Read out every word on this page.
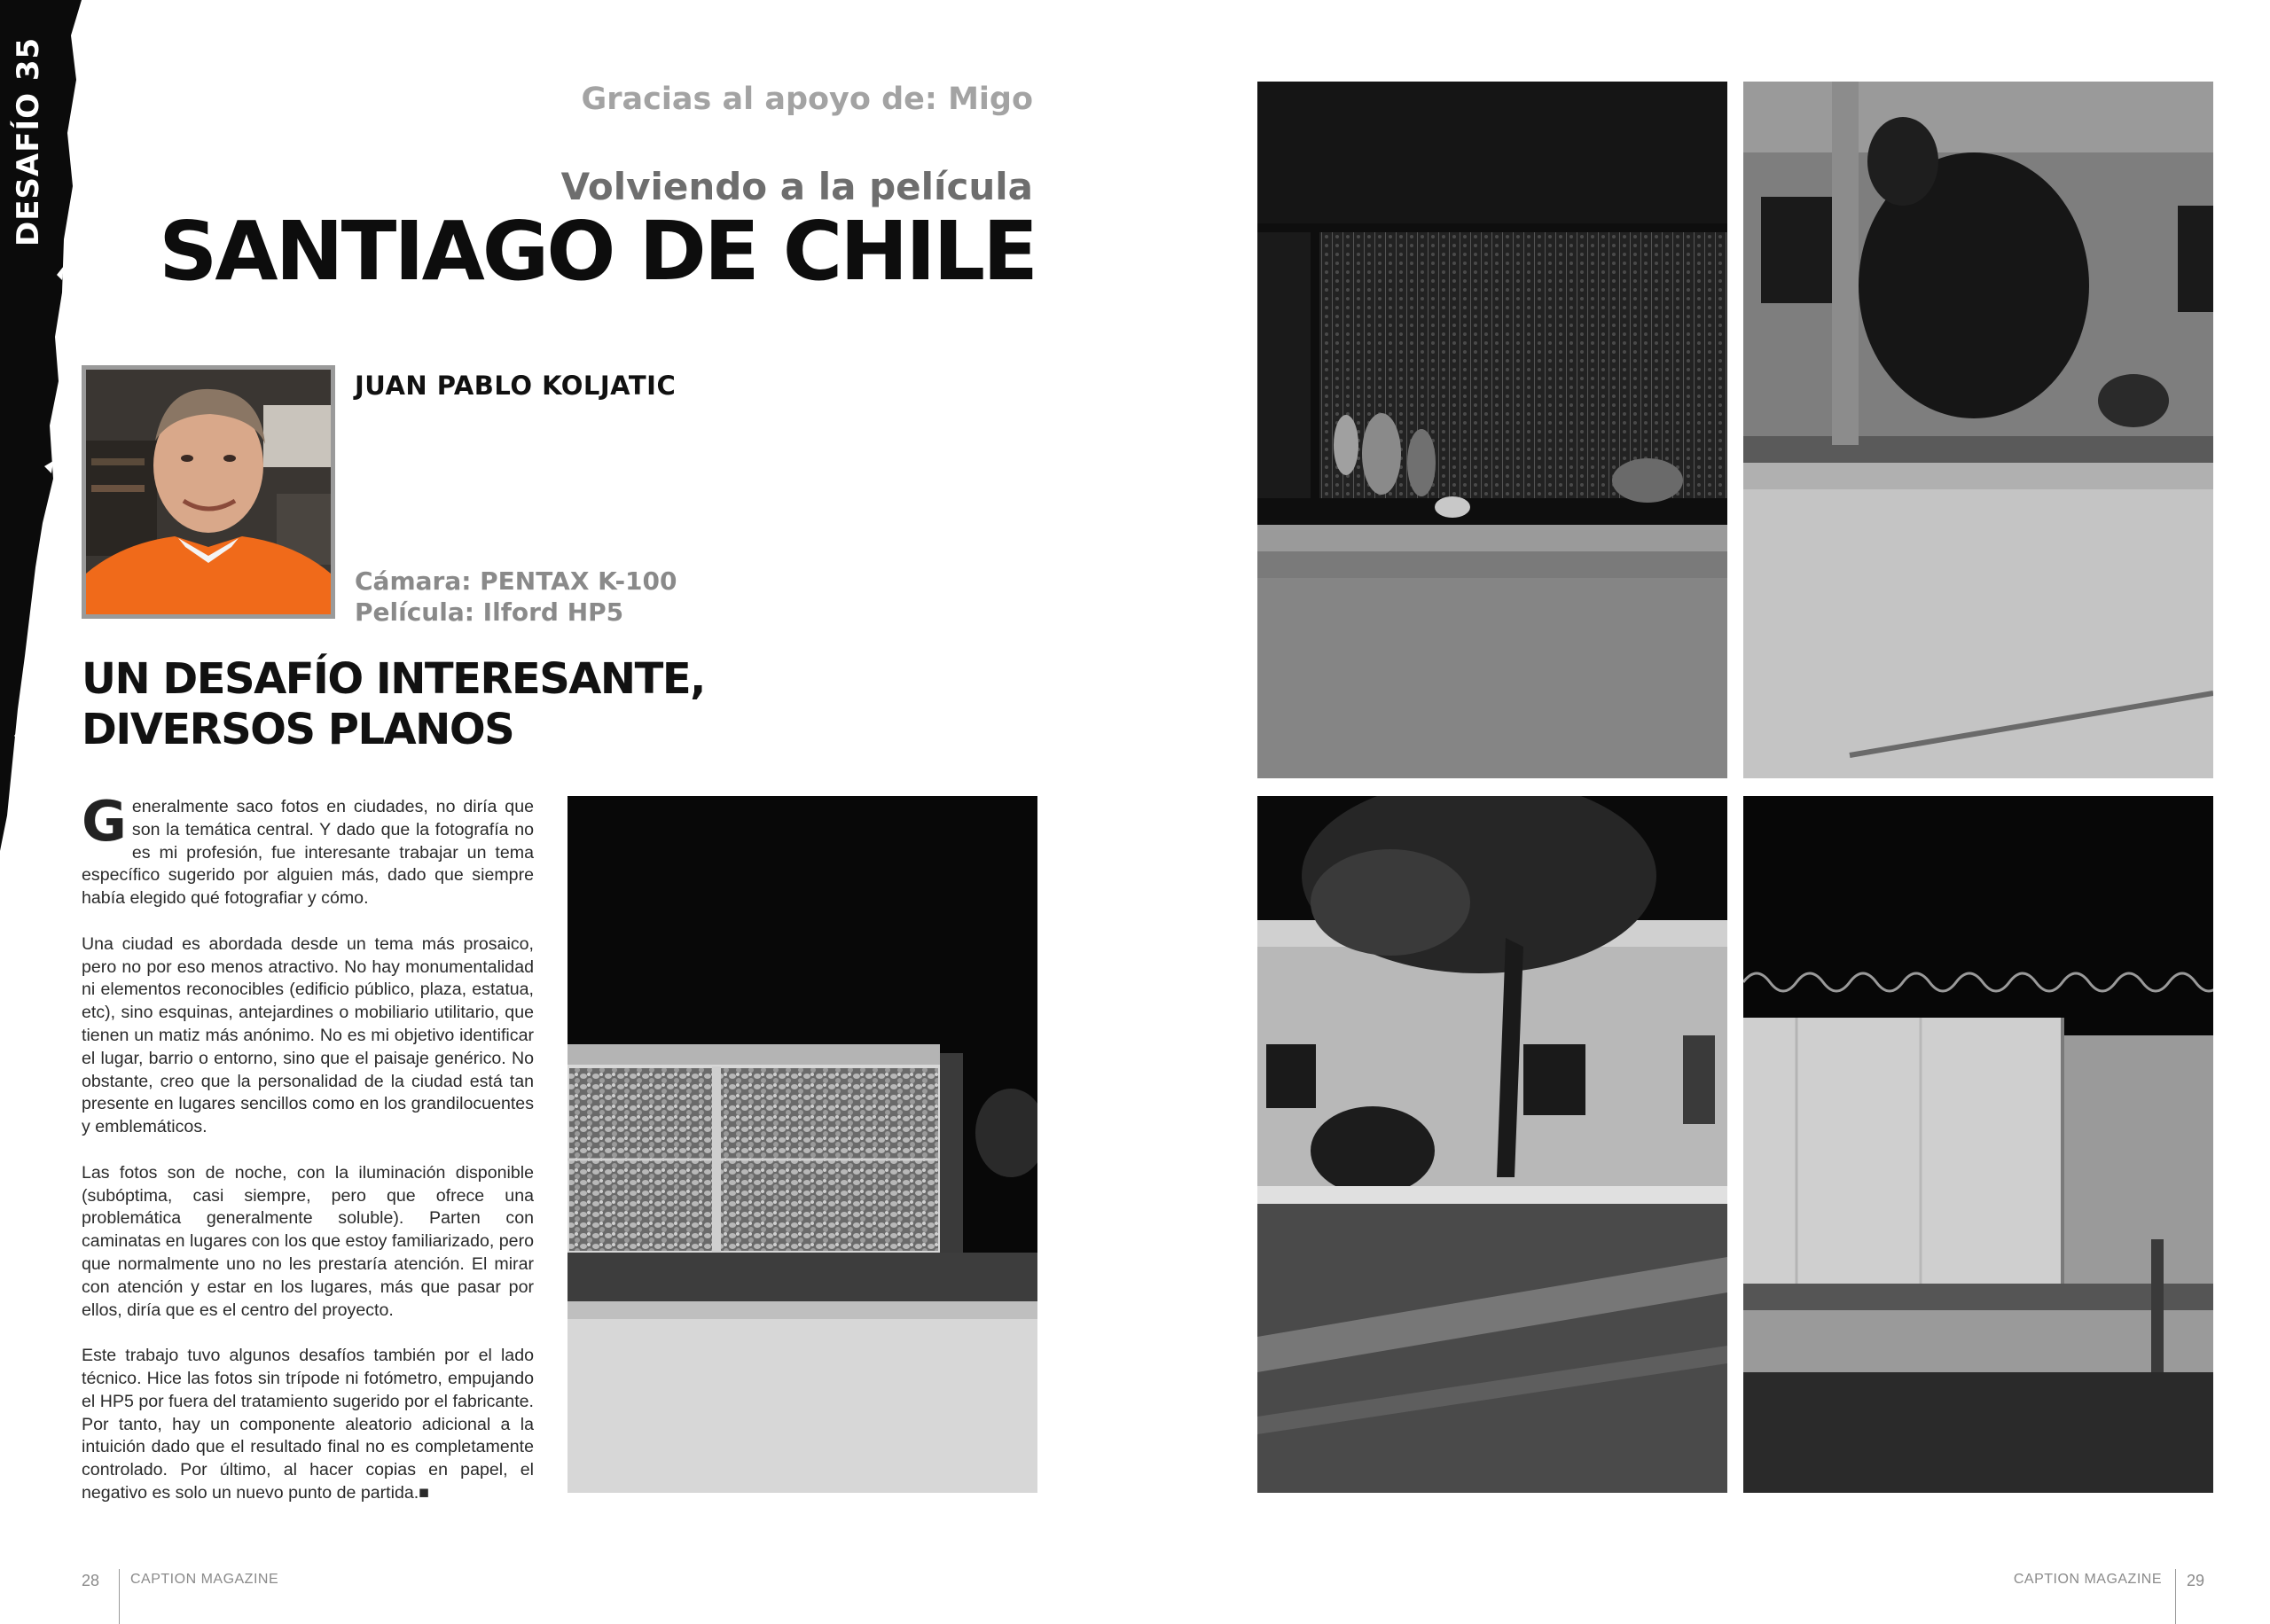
DESAFÍO 35	Gracias al apoyo de: Migo
Volviendo a la película
SANTIAGO DE CHILE
JUAN PABLO KOLJATIC
Cámara: PENTAX K-100
Película: Ilford HP5
UN DESAFÍO INTERESANTE,
DIVERSOS PLANOS

Generalmente saco fotos en ciudades, no diría que son la temática central. Y dado que la fotografía no es mi profesión, fue interesante trabajar un tema específico sugerido por alguien más, dado que siempre había elegido qué fotografiar y cómo.

Una ciudad es abordada desde un tema más prosaico, pero no por eso menos atractivo. No hay monumentalidad ni elementos reconocibles (edificio público, plaza, estatua, etc), sino esquinas, antejardines o mobiliario utilitario, que tienen un matiz más anónimo. No es mi objetivo identificar el lugar, barrio o entorno, sino que el paisaje genérico. No obstante, creo que la personalidad de la ciudad está tan presente en lugares sencillos como en los grandilocuentes y emblemáticos.

Las fotos son de noche, con la iluminación disponible (subóptima, casi siempre, pero que ofrece una problemática generalmente soluble). Parten con caminatas en lugares con los que estoy familiarizado, pero que normalmente uno no les prestaría atención. El mirar con atención y estar en los lugares, más que pasar por ellos, diría que es el centro del proyecto.

Este trabajo tuvo algunos desafíos también por el lado técnico. Hice las fotos sin trípode ni fotómetro, empujando el HP5 por fuera del tratamiento sugerido por el fabricante. Por tanto, hay un componente aleatorio adicional a la intuición dado que el resultado final no es completamente controlado. Por último, al hacer copias en papel, el negativo es solo un nuevo punto de partida.■

28 CAPTION MAGAZINE	CAPTION MAGAZINE 29
